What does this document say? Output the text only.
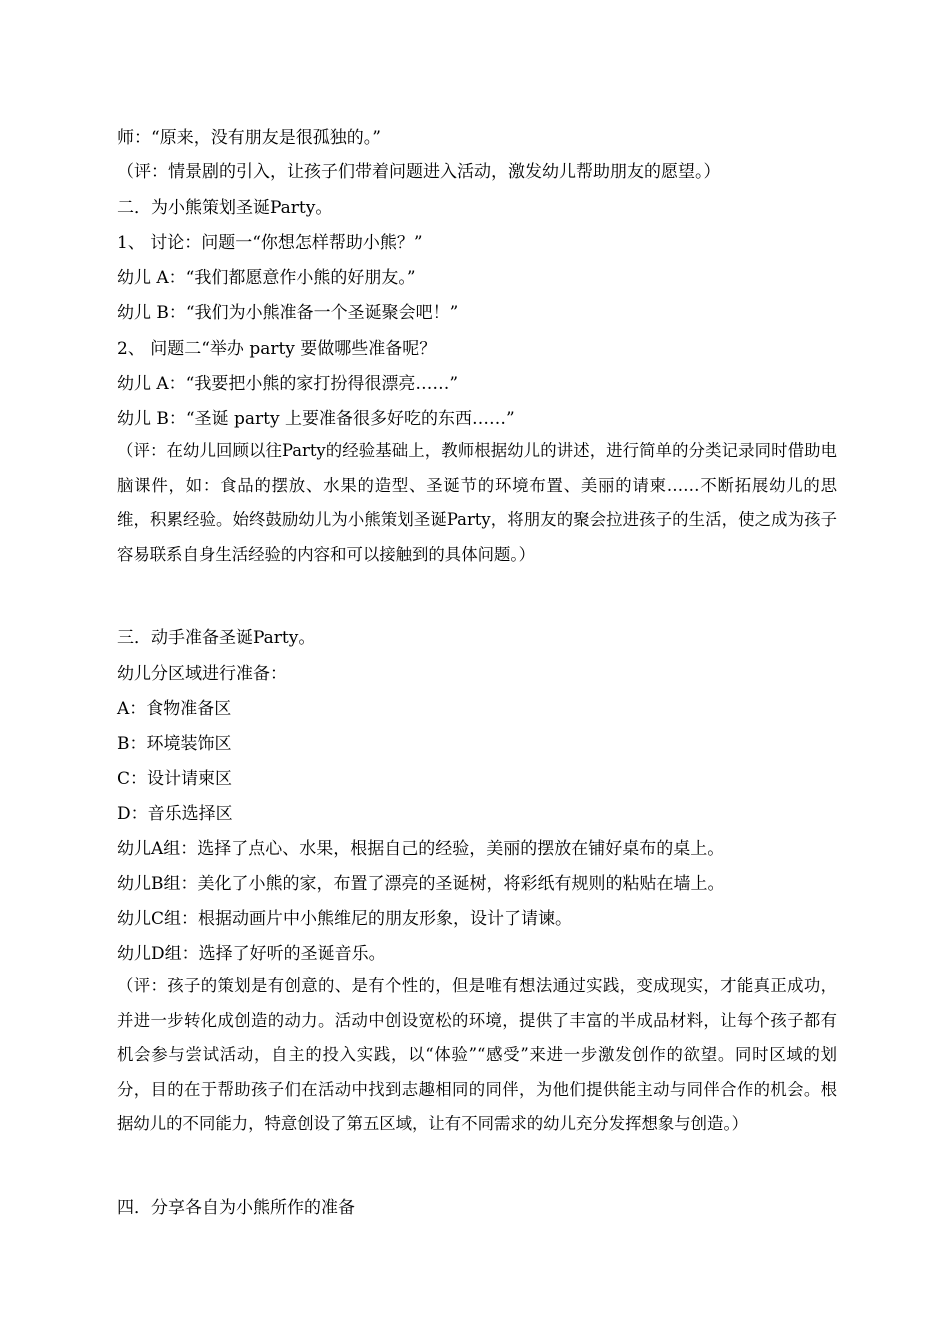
师：“原来，没有朋友是很孤独的。”
（评：情景剧的引入，让孩子们带着问题进入活动，激发幼儿帮助朋友的愿望。）
二．为小熊策划圣诞Party。
1、 讨论：问题一“你想怎样帮助小熊？”
幼儿 A：“我们都愿意作小熊的好朋友。”
幼儿 B：“我们为小熊准备一个圣诞聚会吧！”
2、 问题二“举办 party 要做哪些准备呢？
幼儿 A：“我要把小熊的家打扮得很漂亮……”
幼儿 B：“圣诞 party 上要准备很多好吃的东西……”
（评：在幼儿回顾以往Party的经验基础上，教师根据幼儿的讲述，进行简单的分类记录同时借助电脑课件，如：食品的摆放、水果的造型、圣诞节的环境布置、美丽的请柬……不断拓展幼儿的思维，积累经验。始终鼓励幼儿为小熊策划圣诞Party，将朋友的聚会拉进孩子的生活，使之成为孩子容易联系自身生活经验的内容和可以接触到的具体问题。）
三．动手准备圣诞Party。
幼儿分区域进行准备：
A：食物准备区
B：环境装饰区
C：设计请柬区
D：音乐选择区
幼儿A组：选择了点心、水果，根据自己的经验，美丽的摆放在铺好桌布的桌上。
幼儿B组：美化了小熊的家，布置了漂亮的圣诞树，将彩纸有规则的粘贴在墙上。
幼儿C组：根据动画片中小熊维尼的朋友形象，设计了请谏。
幼儿D组：选择了好听的圣诞音乐。
（评：孩子的策划是有创意的、是有个性的，但是唯有想法通过实践，变成现实，才能真正成功，并进一步转化成创造的动力。活动中创设宽松的环境，提供了丰富的半成品材料，让每个孩子都有机会参与尝试活动，自主的投入实践，以“体验”“感受”来进一步激发创作的欲望。同时区域的划分，目的在于帮助孩子们在活动中找到志趣相同的同伴，为他们提供能主动与同伴合作的机会。根据幼儿的不同能力，特意创设了第五区域，让有不同需求的幼儿充分发挥想象与创造。）
四．分享各自为小熊所作的准备
